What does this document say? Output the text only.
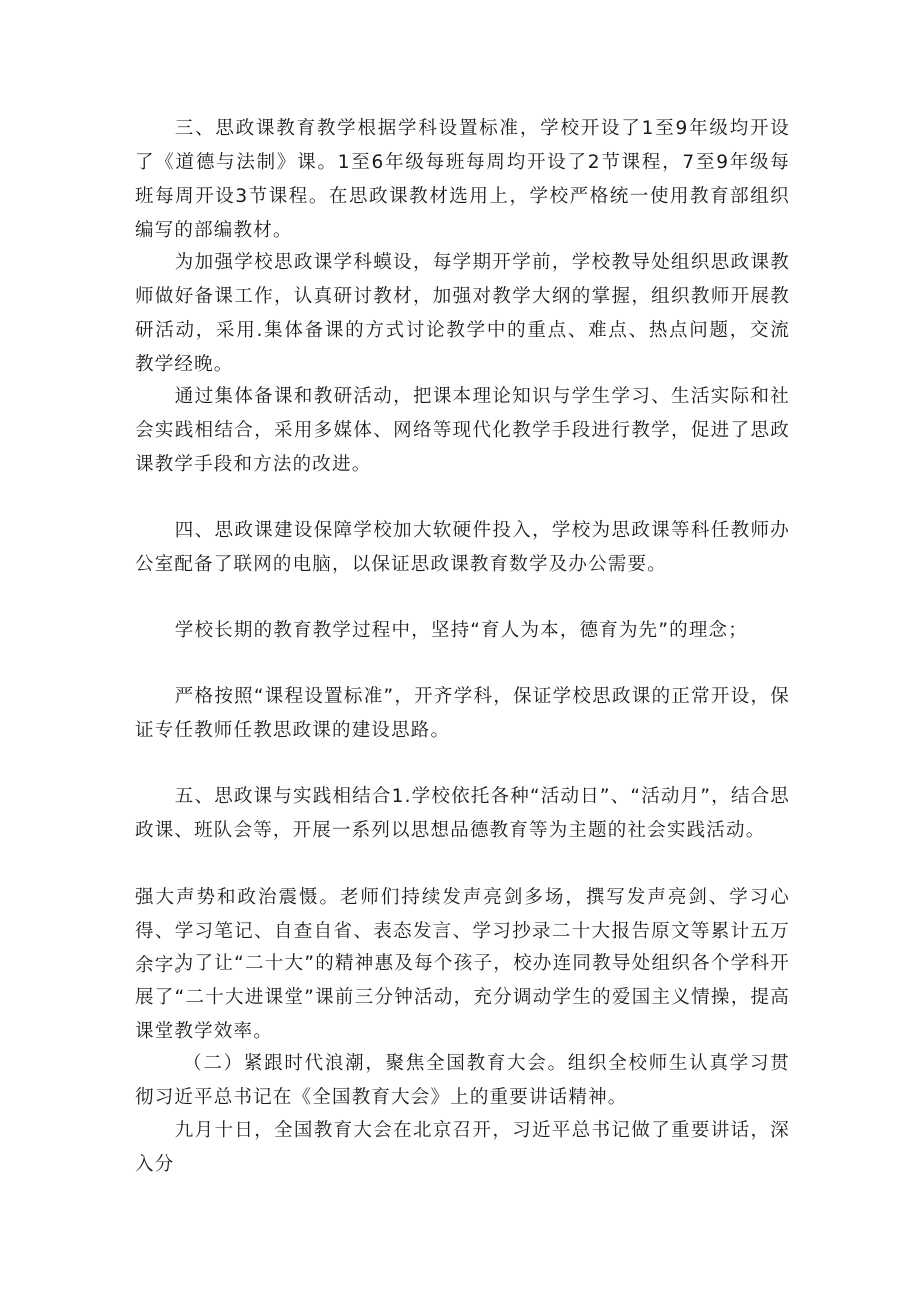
三、思政课教育教学根据学科设置标准，学校开设了1至9年级均开设了《道德与法制》课。1至6年级每班每周均开设了2节课程，7至9年级每班每周开设3节课程。在思政课教材选用上，学校严格统一使用教育部组织编写的部编教材。

为加强学校思政课学科蟆设，每学期开学前，学校教导处组织思政课教师做好备课工作，认真研讨教材，加强对教学大纲的掌握，组织教师开展教研活动，采用.集体备课的方式讨论教学中的重点、难点、热点问题，交流教学经晚。

通过集体备课和教研活动，把课本理论知识与学生学习、生活实际和社会实践相结合，采用多媒体、网络等现代化教学手段进行教学，促进了思政课教学手段和方法的改进。

四、思政课建设保障学校加大软硬件投入，学校为思政课等科任教师办公室配备了联网的电脑，以保证思政课教育数学及办公需要。

学校长期的教育教学过程中，坚持“育人为本，德育为先”的理念；

严格按照“课程设置标准”，开齐学科，保证学校思政课的正常开设，保证专任教师任教思政课的建设思路。

五、思政课与实践相结合1.学校依托各种“活动日”、“活动月”，结合思政课、班队会等，开展一系列以思想品德教育等为主题的社会实践活动。

强大声势和政治震慑。老师们持续发声亮剑多场，撰写发声亮剑、学习心得、学习笔记、自查自省、表态发言、学习抄录二十大报告原文等累计五万余字。

为了让“二十大”的精神惠及每个孩子，校办连同教导处组织各个学科开展了“二十大进课堂”课前三分钟活动，充分调动学生的爱国主义情操，提高课堂教学效率。

（二）紧跟时代浪潮，聚焦全国教育大会。组织全校师生认真学习贯彻习近平总书记在《全国教育大会》上的重要讲话精神。

九月十日，全国教育大会在北京召开，习近平总书记做了重要讲话，深入分
